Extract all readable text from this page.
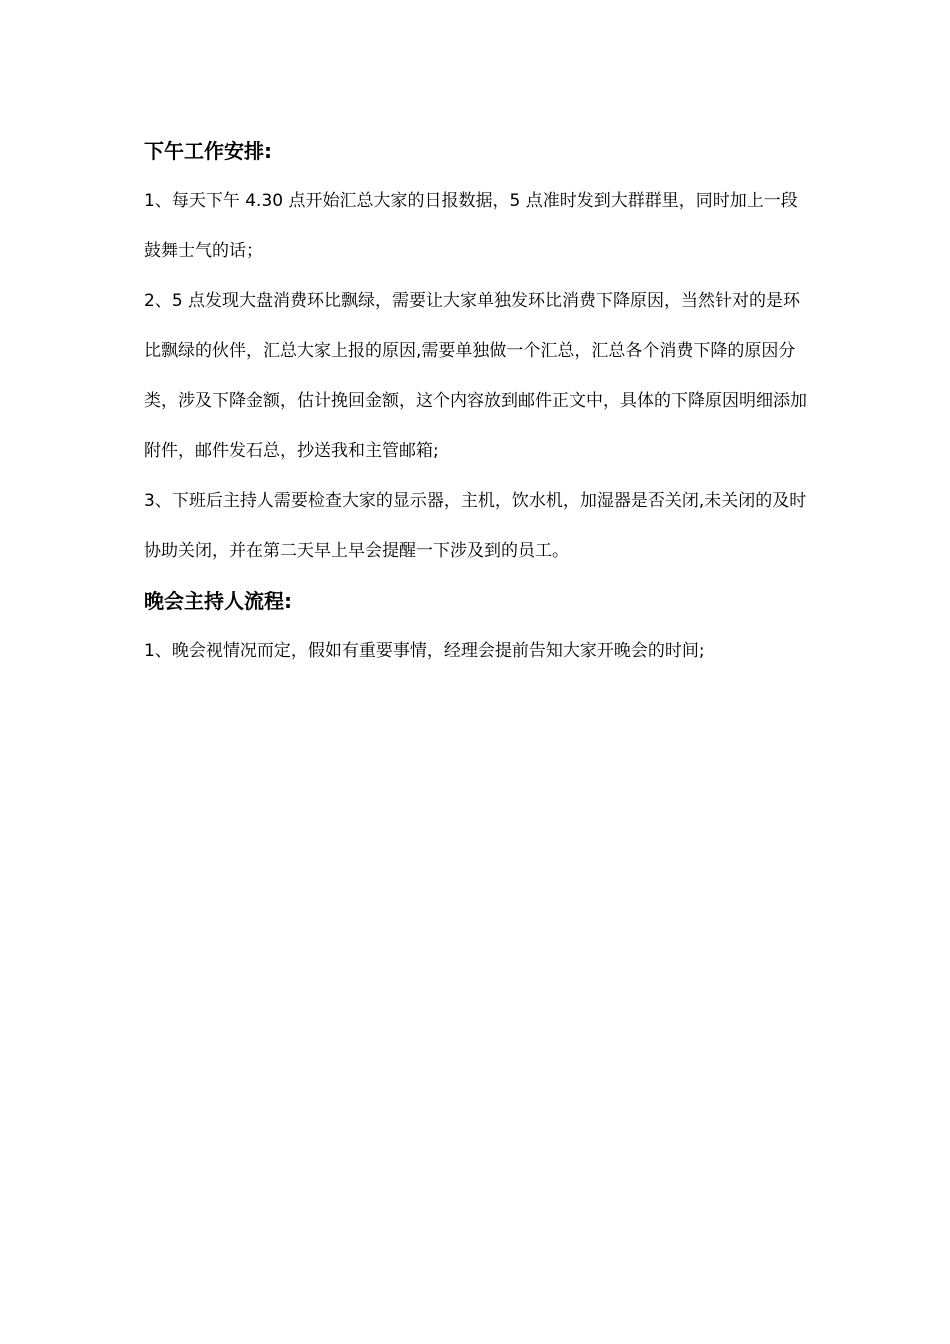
下午工作安排:

1、每天下午 4.30 点开始汇总大家的日报数据，5 点准时发到大群群里，同时加上一段鼓舞士气的话；

2、5 点发现大盘消费环比飘绿，需要让大家单独发环比消费下降原因，当然针对的是环比飘绿的伙伴，汇总大家上报的原因,需要单独做一个汇总，汇总各个消费下降的原因分类，涉及下降金额，估计挽回金额，这个内容放到邮件正文中，具体的下降原因明细添加附件，邮件发石总，抄送我和主管邮箱;

3、下班后主持人需要检查大家的显示器，主机，饮水机，加湿器是否关闭,未关闭的及时协助关闭，并在第二天早上早会提醒一下涉及到的员工。

晚会主持人流程:

1、晚会视情况而定，假如有重要事情，经理会提前告知大家开晚会的时间;
